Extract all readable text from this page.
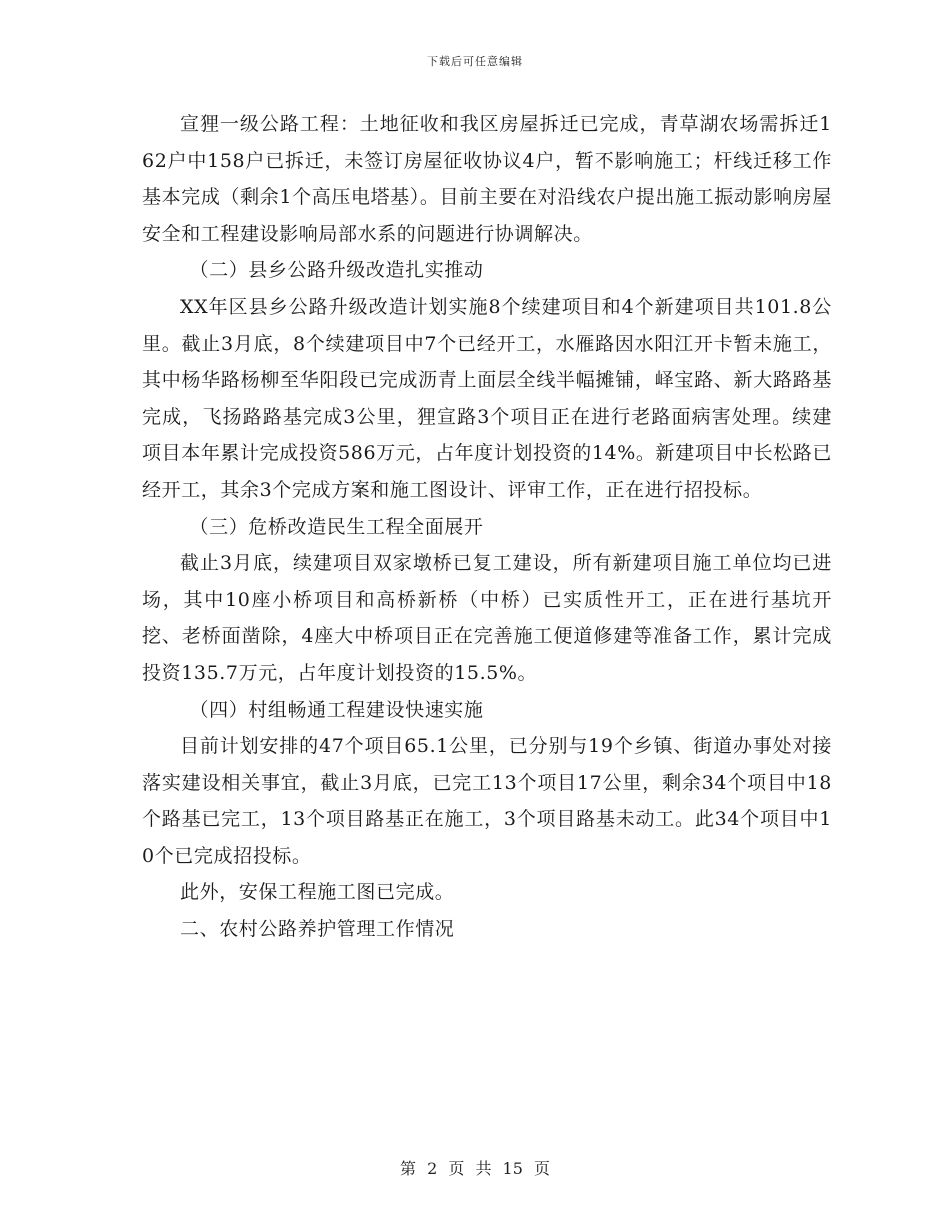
下载后可任意编辑

宣狸一级公路工程：土地征收和我区房屋拆迁已完成，青草湖农场需拆迁162户中158户已拆迁，未签订房屋征收协议4户，暂不影响施工；杆线迁移工作基本完成（剩余1个高压电塔基）。目前主要在对沿线农户提出施工振动影响房屋安全和工程建设影响局部水系的问题进行协调解决。

（二）县乡公路升级改造扎实推动

XX年区县乡公路升级改造计划实施8个续建项目和4个新建项目共101.8公里。截止3月底，8个续建项目中7个已经开工，水雁路因水阳江开卡暂未施工，其中杨华路杨柳至华阳段已完成沥青上面层全线半幅摊铺，峄宝路、新大路路基完成，飞扬路路基完成3公里，狸宣路3个项目正在进行老路面病害处理。续建项目本年累计完成投资586万元，占年度计划投资的14%。新建项目中长松路已经开工，其余3个完成方案和施工图设计、评审工作，正在进行招投标。

（三）危桥改造民生工程全面展开

截止3月底，续建项目双家墩桥已复工建设，所有新建项目施工单位均已进场，其中10座小桥项目和高桥新桥（中桥）已实质性开工，正在进行基坑开挖、老桥面凿除，4座大中桥项目正在完善施工便道修建等准备工作，累计完成投资135.7万元，占年度计划投资的15.5%。

（四）村组畅通工程建设快速实施

目前计划安排的47个项目65.1公里，已分别与19个乡镇、街道办事处对接落实建设相关事宜，截止3月底，已完工13个项目17公里，剩余34个项目中18个路基已完工，13个项目路基正在施工，3个项目路基未动工。此34个项目中10个已完成招投标。

此外，安保工程施工图已完成。

二、农村公路养护管理工作情况

第 2 页 共 15 页
